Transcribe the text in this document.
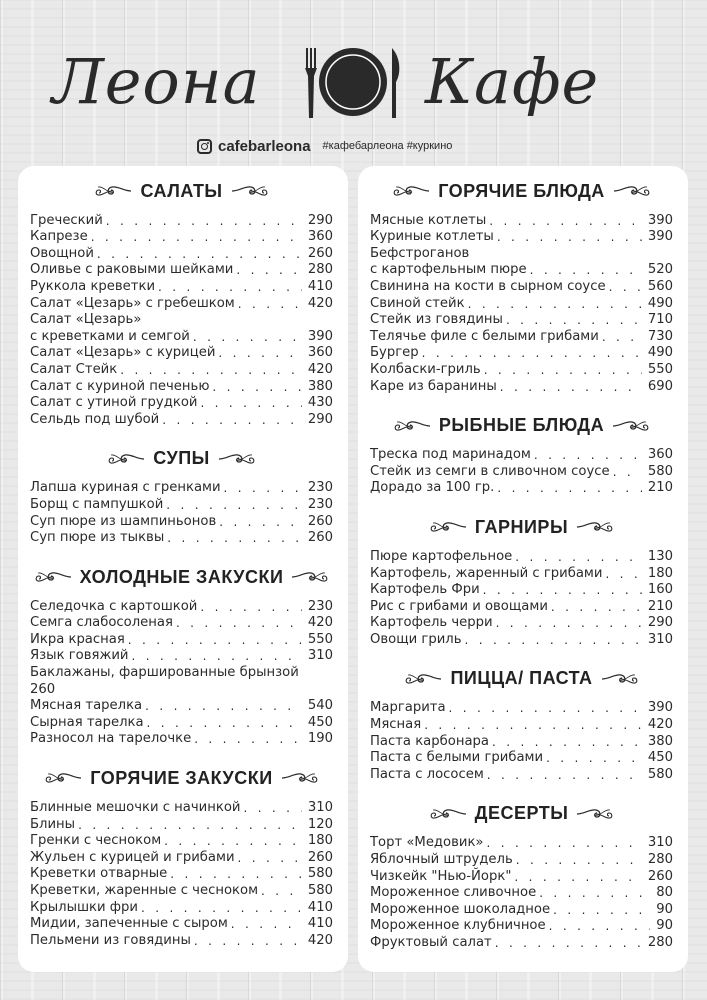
Леона	Кафе
cafebarleona #кафебарлеона #куркино
САЛАТЫ
Греческий . . .	290
Капрезе . . .	360
Овощной . . .	260
Оливье с раковыми шейками . . .	280
Руккола креветки . . .	410
Салат «Цезарь» с гребешком . . .	420
Салат «Цезарь»
с креветками и семгой . . .	390
Салат «Цезарь» с курицей . . .	360
Салат Стейк . . .	420
Салат с куриной печенью . . .	380
Салат с утиной грудкой . . .	430
Сельдь под шубой . . .	290
СУПЫ
Лапша куриная с гренками . . .	230
Борщ с пампушкой . . .	230
Суп пюре из шампиньонов . . .	260
Суп пюре из тыквы . . .	260
ХОЛОДНЫЕ ЗАКУСКИ
Селедочка с картошкой . . .	230
Семга слабосоленая . . .	420
Икра красная . . .	550
Язык говяжий . . .	310
Баклажаны, фаршированные брынзой
260
Мясная тарелка . . .	540
Сырная тарелка . . .	450
Разносол на тарелочке . . .	190
ГОРЯЧИЕ ЗАКУСКИ
Блинные мешочки с начинкой . . .	310
Блины . . .	120
Гренки с чесноком . . .	180
Жульен с курицей и грибами . . .	260
Креветки отварные . . .	580
Креветки, жаренные с чесноком . . .	580
Крылышки фри . . .	410
Мидии, запеченные с сыром . . .	410
Пельмени из говядины . . .	420
ГОРЯЧИЕ БЛЮДА
Мясные котлеты . . .	390
Куриные котлеты . . .	390
Бефстроганов
с картофельным пюре . . .	520
Свинина на кости в сырном соусе . . .	560
Свиной стейк . . .	490
Стейк из говядины . . .	710
Телячье филе с белыми грибами . . .	730
Бургер . . .	490
Колбаски-гриль . . .	550
Каре из баранины . . .	690
РЫБНЫЕ БЛЮДА
Треска под маринадом . . .	360
Стейк из семги в сливочном соусе . . .	580
Дорадо за 100 гр. . . .	210
ГАРНИРЫ
Пюре картофельное . . .	130
Картофель, жаренный с грибами . . .	180
Картофель Фри . . .	160
Рис с грибами и овощами . . .	210
Картофель черри . . .	290
Овощи гриль . . .	310
ПИЦЦА/ ПАСТА
Маргарита . . .	390
Мясная . . .	420
Паста карбонара . . .	380
Паста с белыми грибами . . .	450
Паста с лососем . . .	580
ДЕСЕРТЫ
Торт «Медовик» . . .	310
Яблочный штрудель . . .	280
Чизкейк "Нью-Йорк" . . .	260
Мороженное сливочное . . .	80
Мороженное шоколадное . . .	90
Мороженное клубничное . . .	90
Фруктовый салат . . .	280
